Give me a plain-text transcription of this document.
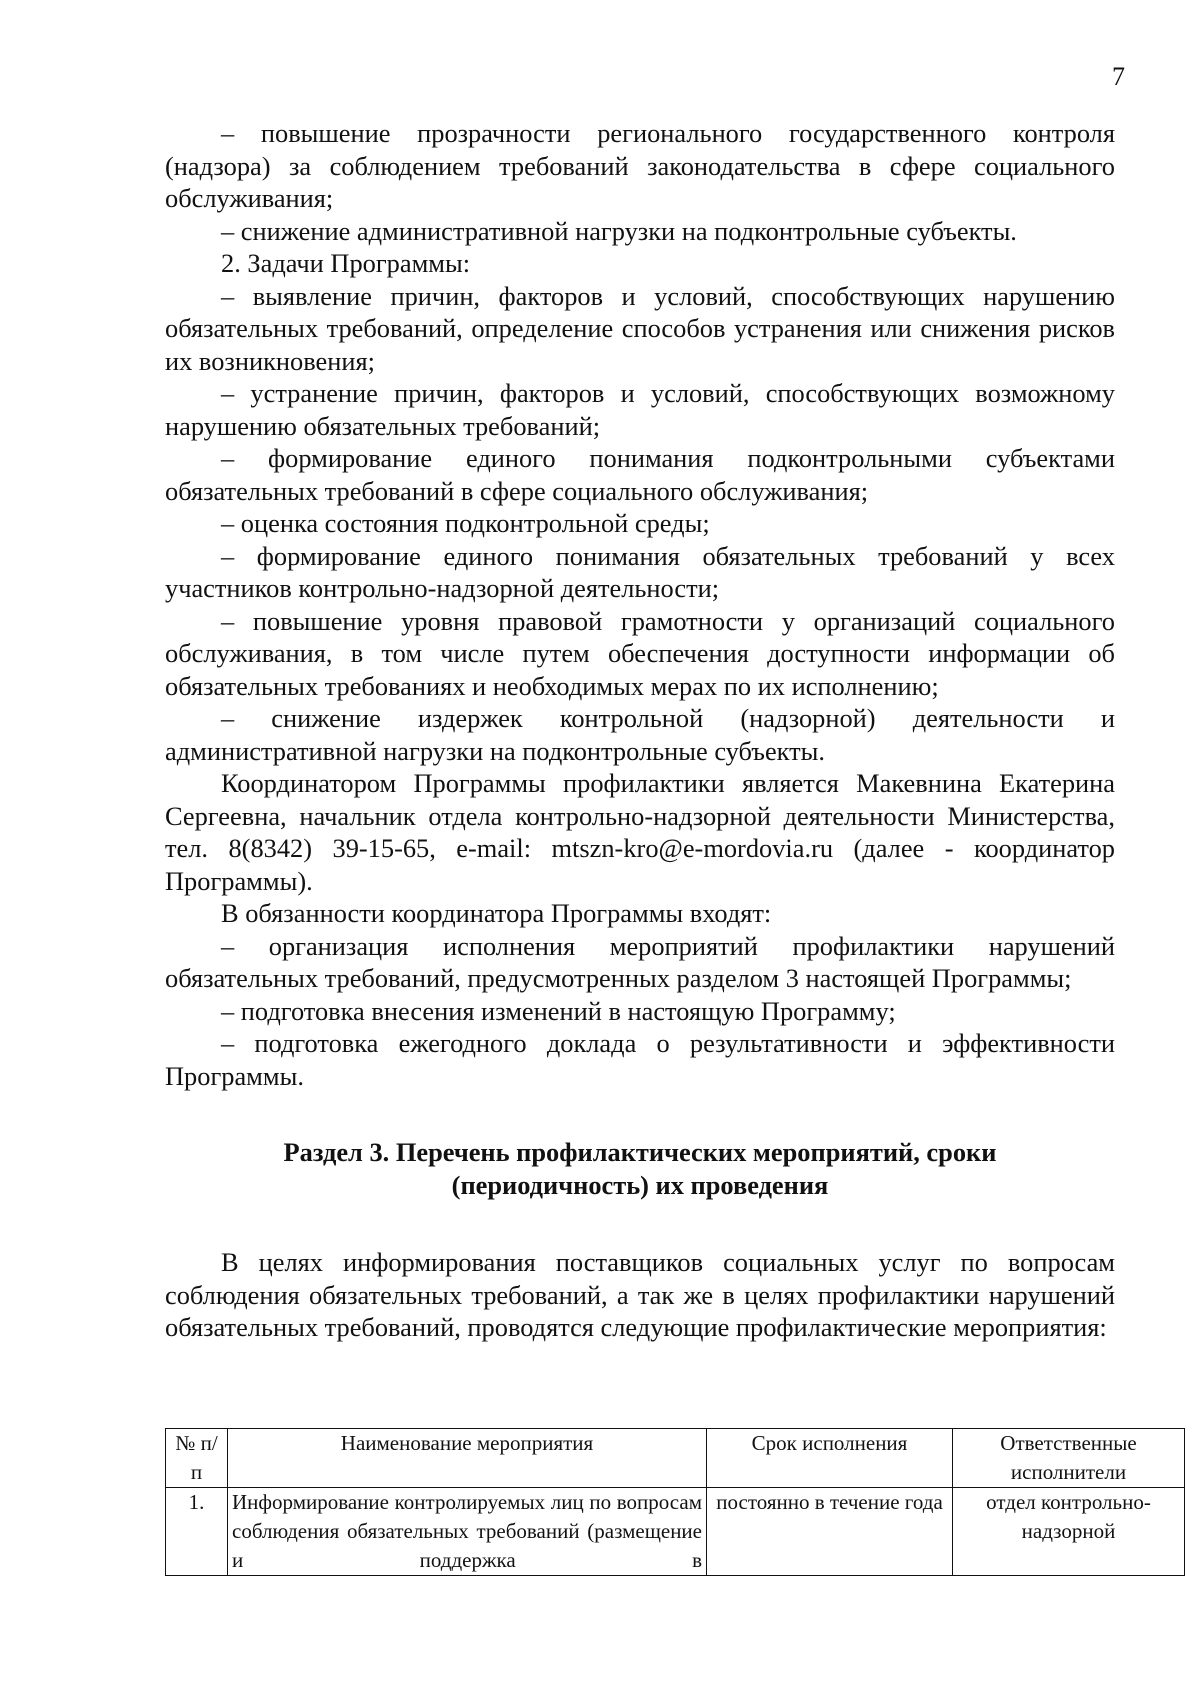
7

– повышение прозрачности регионального государственного контроля (надзора) за соблюдением требований законодательства в сфере социального обслуживания;

– снижение административной нагрузки на подконтрольные субъекты.

2. Задачи Программы:

– выявление причин, факторов и условий, способствующих нарушению обязательных требований, определение способов устранения или снижения рисков их возникновения;

– устранение причин, факторов и условий, способствующих возможному нарушению обязательных требований;

– формирование единого понимания подконтрольными субъектами обязательных требований в сфере социального обслуживания;

– оценка состояния подконтрольной среды;

– формирование единого понимания обязательных требований у всех участников контрольно-надзорной деятельности;

– повышение уровня правовой грамотности у организаций социального обслуживания, в том числе путем обеспечения доступности информации об обязательных требованиях и необходимых мерах по их исполнению;

– снижение издержек контрольной (надзорной) деятельности и административной нагрузки на подконтрольные субъекты.

Координатором Программы профилактики является Макевнина Екатерина Сергеевна, начальник отдела контрольно-надзорной деятельности Министерства, тел. 8(8342) 39-15-65, e-mail: mtszn-kro@e-mordovia.ru (далее - координатор Программы).

В обязанности координатора Программы входят:

– организация исполнения мероприятий профилактики нарушений обязательных требований, предусмотренных разделом 3 настоящей Программы;

– подготовка внесения изменений в настоящую Программу;

– подготовка ежегодного доклада о результативности и эффективности Программы.

Раздел 3. Перечень профилактических мероприятий, сроки
(периодичность) их проведения

В целях информирования поставщиков социальных услуг по вопросам соблюдения обязательных требований, а так же в целях профилактики нарушений обязательных требований, проводятся следующие профилактические мероприятия:

№ п/п	Наименование мероприятия	Срок исполнения	Ответственные исполнители
1.	Информирование контролируемых лиц по вопросам соблюдения обязательных требований (размещение и поддержка в	постоянно в течение года	отдел контрольно-надзорной
